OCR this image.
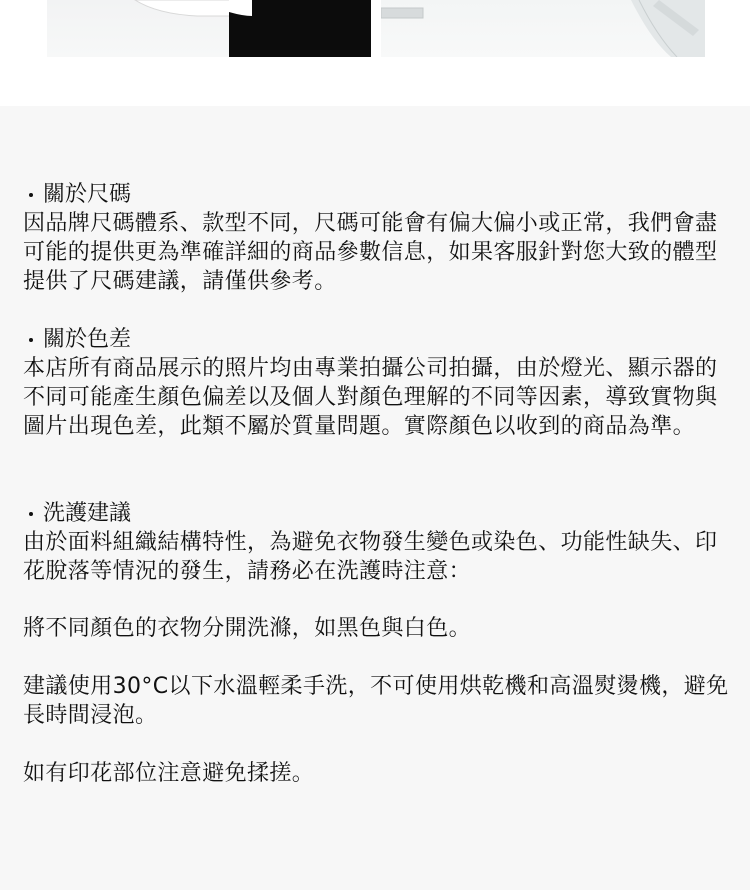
關於尺碼

因品牌尺碼體系、款型不同，尺碼可能會有偏大偏小或正常，我們會盡可能的提供更為準確詳細的商品參數信息，如果客服針對您大致的體型提供了尺碼建議，請僅供參考。

關於色差

本店所有商品展示的照片均由專業拍攝公司拍攝，由於燈光、顯示器的不同可能產生顏色偏差以及個人對顏色理解的不同等因素，導致實物與圖片出現色差，此類不屬於質量問題。實際顏色以收到的商品為準。

洗護建議

由於面料組織結構特性，為避免衣物發生變色或染色、功能性缺失、印花脫落等情況的發生，請務必在洗護時注意：

將不同顏色的衣物分開洗滌，如黑色與白色。

建議使用30°C以下水溫輕柔手洗，不可使用烘乾機和高溫熨燙機，避免長時間浸泡。

如有印花部位注意避免揉搓。
